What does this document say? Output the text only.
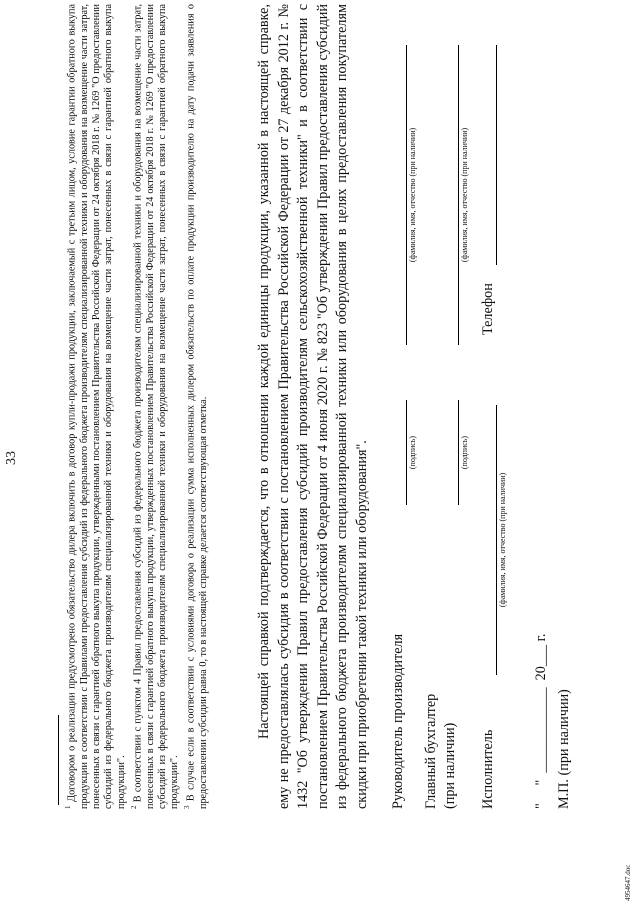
33

$^1$ Договором о реализации предусмотрено обязательство дилера включить в договор купли-продажи продукции, заключаемый с третьим лицом, условие гарантии обратного выкупа продукции в соответствии с Правилами предоставления субсидий из федерального бюджета производителям специализированной техники и оборудования на возмещение части затрат, понесенных в связи с гарантией обратного выкупа продукции, утвержденными постановлением Правительства Российской Федерации от 24 октября 2018 г. № 1269 "О предоставлении субсидий из федерального бюджета производителям специализированной техники и оборудования на возмещение части затрат, понесенных в связи с гарантией обратного выкупа продукции". $^2$ В соответствии с пунктом 4 Правил предоставления субсидий из федерального бюджета производителям специализированной техники и оборудования на возмещение части затрат, понесенных в связи с гарантией обратного выкупа продукции, утвержденных постановлением Правительства Российской Федерации от 24 октября 2018 г. № 1269 "О предоставлении субсидий из федерального бюджета производителям специализированной техники и оборудования на возмещение части затрат, понесенных в связи с гарантией обратного выкупа продукции". $^3$ В случае если в соответствии с условиями договора о реализации сумма исполненных дилером обязательств по оплате продукции производителю на дату подачи заявления о предоставлении субсидии равна 0, то в настоящей справке делается соответствующая отметка.	Настоящей справкой подтверждается, что в отношении каждой единицы продукции, указанной в настоящей справке, ему не предоставлялась субсидия в соответствии с постановлением Правительства Российской Федерации от 27 декабря 2012 г. № 1432 "Об утверждении Правил предоставления субсидий производителям сельскохозяйственной техники" и в соответствии с постановлением Правительства Российской Федерации от 4 июня 2020 г. № 823 "Об утверждении Правил предоставления субсидий из федерального бюджета производителям специализированной техники или оборудования в целях предоставления покупателям скидки при приобретении такой техники или оборудования". Руководитель производителя
(подпись)
(фамилия, имя, отчество (при наличии)
Главный бухгалтер (при наличии)
(подпись)
(фамилия, имя, отчество (при наличии)
Исполнитель
(фамилия, имя, отчество (при наличии)
Телефон
"     "  ____________  20___ г. М.П. (при наличии)
4954647.doc
